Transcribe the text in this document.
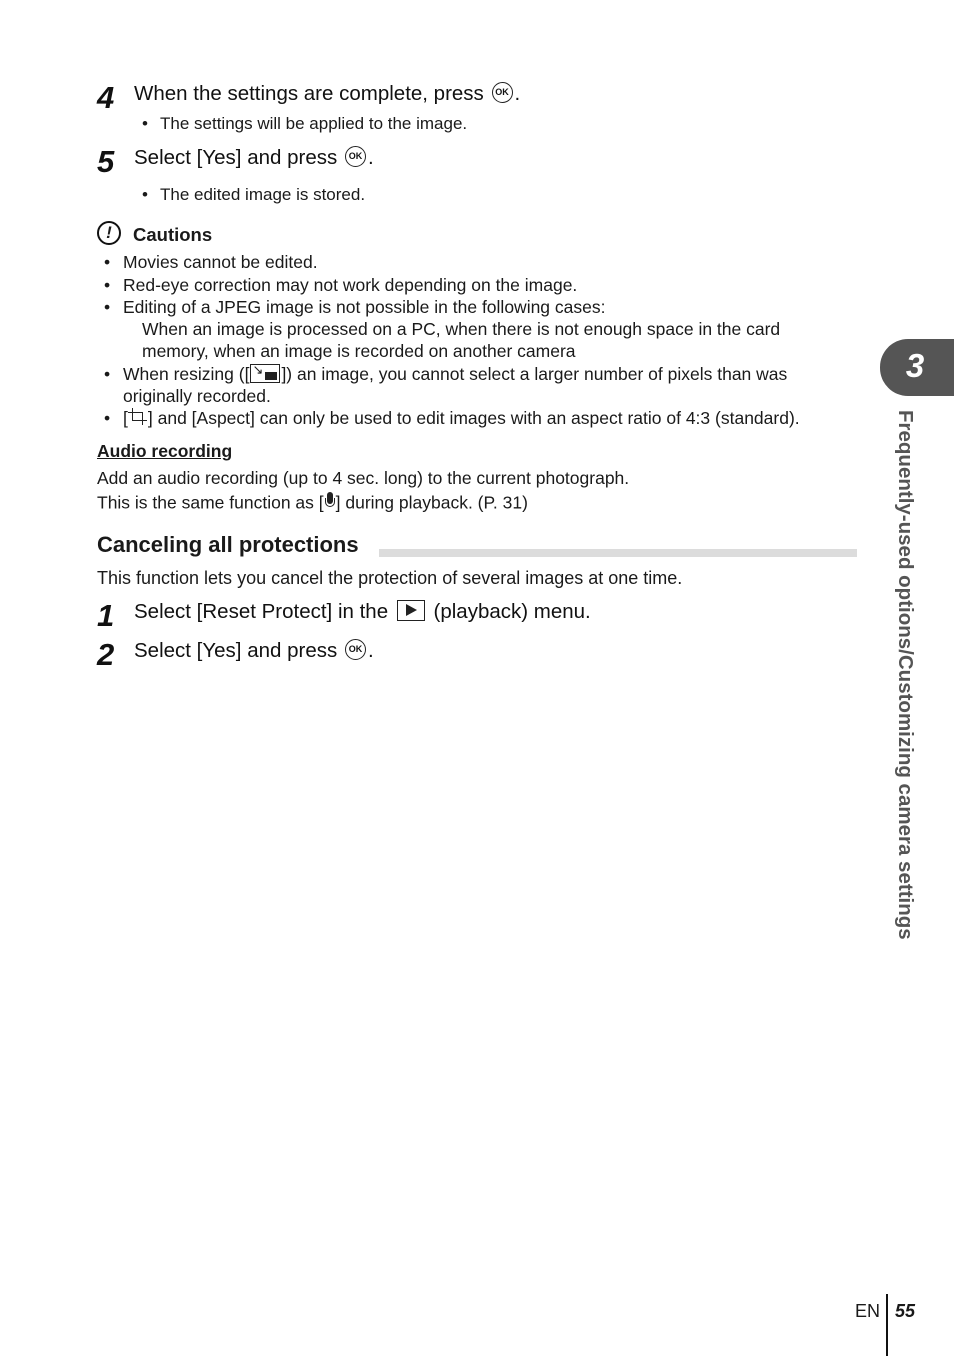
4 When the settings are complete, press OK .
• The settings will be applied to the image.
5 Select [Yes] and press OK .
• The edited image is stored.
!	Cautions
• Movies cannot be edited.
• Red-eye correction may not work depending on the image.
• Editing of a JPEG image is not possible in the following cases:
When an image is processed on a PC, when there is not enough space in the card
memory, when an image is recorded on another camera
• When resizing ([↘ ]) an image, you cannot select a larger number of pixels than was
originally recorded.
• [ ] and [Aspect] can only be used to edit images with an aspect ratio of 4:3 (standard).
Audio recording
Add an audio recording (up to 4 sec. long) to the current photograph.
This is the same function as [ ] during playback. (P. 31)
Canceling all protections
This function lets you cancel the protection of several images at one time.
1 Select [Reset Protect] in the (playback) menu.
2 Select [Yes] and press OK .
3
Frequently-used options/Customizing camera settings
EN 55
